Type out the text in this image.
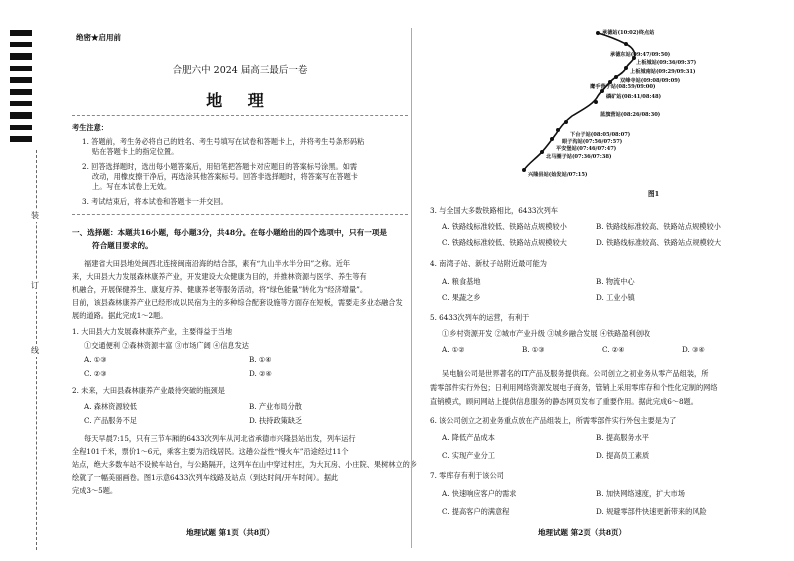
装
订
线
绝密★启用前
合肥六中 2024 届高三最后一卷
地 理
考生注意：
1. 答题前，考生务必将自己的姓名、考生号填写在试卷和答题卡上，并将考生号条形码粘
贴在答题卡上的指定位置。
2. 回答选择题时，选出每小题答案后，用铅笔把答题卡对应题目的答案标号涂黑。如需
改动，用橡皮擦干净后，再选涂其他答案标号。回答非选择题时，将答案写在答题卡
上。写在本试卷上无效。
3. 考试结束后，将本试卷和答题卡一并交回。
一、选择题：本题共16小题，每小题3分，共48分。在每小题给出的四个选项中，只有一项是
符合题目要求的。
福建省大田县地处闽西北连接闽南沿海的结合部，素有“九山半水半分田”之称。近年
来，大田县大力发展森林康养产业，开发建设大众健康为目的，并推林资源与医学、养生等有
机融合，开展保健养生、康复疗养、健康养老等服务活动，将“绿色能量”转化为“经济增量”。
目前，该县森林康养产业已经形成以民宿为主的多种综合配套设施等方面存在短板，需要走多业态融合发
展的道路。据此完成1～2题。
1. 大田县大力发展森林康养产业，主要得益于当地
①交通便利 ②森林资源丰富 ③市场广阔 ④信息发达
A. ①③	B. ①④
C. ②③	D. ②④
2. 未来，大田县森林康养产业最待突破的瓶颈是
A. 森林资源较低	B. 产业布局分散
C. 产品服务不足	D. 扶持政策缺乏
每天早晨7:15，只有三节车厢的6433次列车从河北省承德市兴隆县站出发，列车运行
全程101千米，票价1～6元，乘客主要为沿线居民。这趟公益性“慢火车”沿途经过11个
站点，绝大多数车站不设候车站台，与公路隔开，这列车在山中穿过村庄，为大瓦房、小庄院、果树林立的乡
绘就了一幅美丽画卷。图1示意6433次列车线路及站点（到达时间/开车时间）。据此
完成3～5题。
地理试题 第1页（共8页）
承德站(10:02)终点站
承德东站(09:47/09:50)
上板城站(09:36/09:37)
上板城南站(09:29/09:31)
双峰寺站(09:08/09:09)
鹰手营子站(08:59/09:00)
磷矿站(08:41/08:48)
蓝旗营站(08:26/08:30)
下台子站(08:05/08:07)
眼子沟站(07:56/07:57)
平安堡站(07:46/07:47)
北马圈子站(07:36/07:38)
兴隆县站(始发站/07:15)
图1
3. 与全国大多数铁路相比，6433次列车
A. 铁路线标准较低、铁路站点规模较小	B. 铁路线标准较高、铁路站点规模较小
C. 铁路线标准较低、铁路站点规模较大	D. 铁路线标准较高、铁路站点规模较大
4. 南湾子站、新杖子站附近最可能为
A. 粮食基地	B. 物流中心
C. 果蔬之乡	D. 工业小镇
5. 6433次列车的运营，有利于
①乡村资源开发 ②城市产业升级 ③城乡融合发展 ④铁路盈利创收
A. ①②	B. ①③	C. ②④	D. ③④
吴电脑公司是世界著名的IT产品及服务提供商。公司创立之初业务从零产品组装，所
需零部件实行外包；日利用网络资源发展电子商务，管销上采用零库存和个性化定制的网络
直销模式，顾问网站上提供信息服务的静态网页发布了重要作用。据此完成6～8题。
6. 该公司创立之初业务重点放在产品组装上，所需零部件实行外包主要是为了
A. 降低产品成本	B. 提高服务水平
C. 实现产业分工	D. 提高员工素质
7. 零库存有利于该公司
A. 快速响应客户的需求	B. 加快网络速度，扩大市场
C. 提高客户的满意程	D. 规避零部件快速更新带来的风险
地理试题 第2页（共8页）
